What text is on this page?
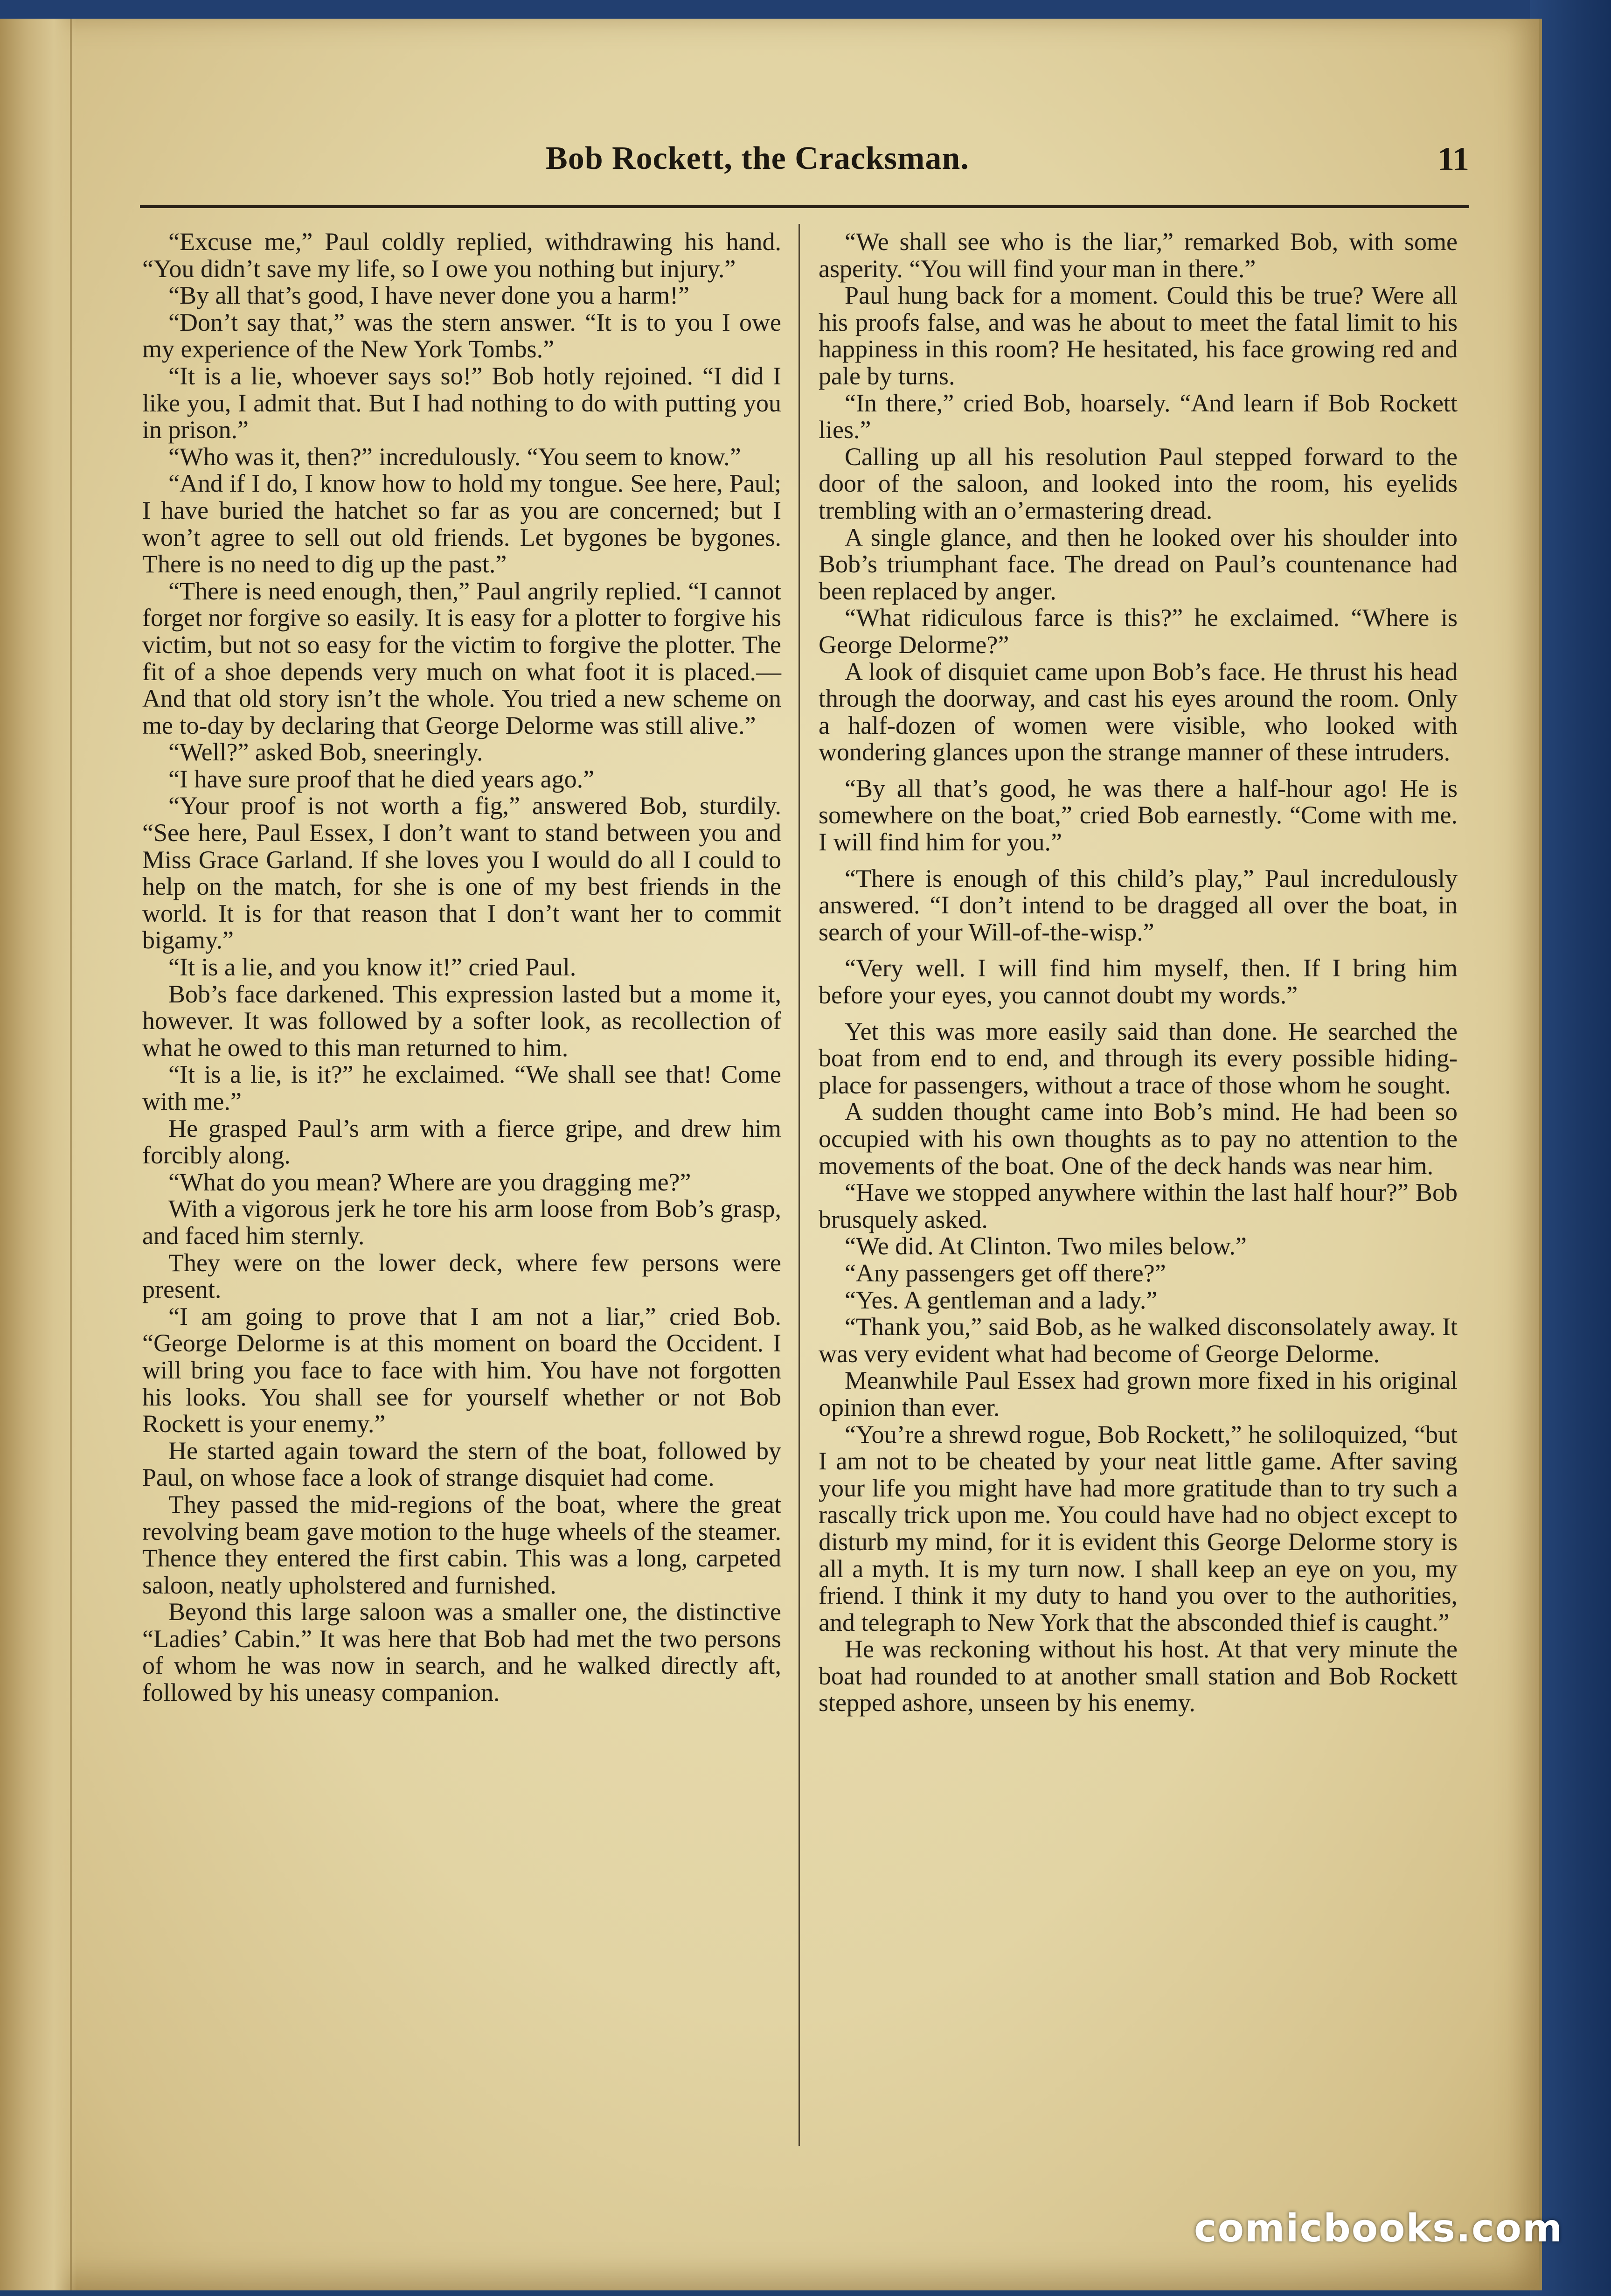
Bob Rockett, the Cracksman.	11

“Excuse me,” Paul coldly replied, withdrawing his hand. “You didn’t save my life, so I owe you nothing but injury.”

“By all that’s good, I have never done you a harm!”

“Don’t say that,” was the stern answer. “It is to you I owe my experience of the New York Tombs.”

“It is a lie, whoever says so!” Bob hotly rejoined. “I did I like you, I admit that. But I had nothing to do with putting you in prison.”

“Who was it, then?” incredulously. “You seem to know.”

“And if I do, I know how to hold my tongue. See here, Paul; I have buried the hatchet so far as you are concerned; but I won’t agree to sell out old friends. Let bygones be bygones. There is no need to dig up the past.”

“There is need enough, then,” Paul angrily replied. “I cannot forget nor forgive so easily. It is easy for a plotter to forgive his victim, but not so easy for the victim to forgive the plotter. The fit of a shoe depends very much on what foot it is placed.—And that old story isn’t the whole. You tried a new scheme on me to-day by declaring that George Delorme was still alive.”

“Well?” asked Bob, sneeringly.

“I have sure proof that he died years ago.”

“Your proof is not worth a fig,” answered Bob, sturdily. “See here, Paul Essex, I don’t want to stand between you and Miss Grace Garland. If she loves you I would do all I could to help on the match, for she is one of my best friends in the world. It is for that reason that I don’t want her to commit bigamy.”

“It is a lie, and you know it!” cried Paul.

Bob’s face darkened. This expression lasted but a mome it, however. It was followed by a softer look, as recollection of what he owed to this man returned to him.

“It is a lie, is it?” he exclaimed. “We shall see that! Come with me.”

He grasped Paul’s arm with a fierce gripe, and drew him forcibly along.

“What do you mean? Where are you dragging me?”

With a vigorous jerk he tore his arm loose from Bob’s grasp, and faced him sternly.

They were on the lower deck, where few persons were present.

“I am going to prove that I am not a liar,” cried Bob. “George Delorme is at this moment on board the Occident. I will bring you face to face with him. You have not forgotten his looks. You shall see for yourself whether or not Bob Rockett is your enemy.”

He started again toward the stern of the boat, followed by Paul, on whose face a look of strange disquiet had come.

They passed the mid-regions of the boat, where the great revolving beam gave motion to the huge wheels of the steamer. Thence they entered the first cabin. This was a long, carpeted saloon, neatly upholstered and furnished.

Beyond this large saloon was a smaller one, the distinctive “Ladies’ Cabin.” It was here that Bob had met the two persons of whom he was now in search, and he walked directly aft, followed by his uneasy companion.

“We shall see who is the liar,” remarked Bob, with some asperity. “You will find your man in there.”

Paul hung back for a moment. Could this be true? Were all his proofs false, and was he about to meet the fatal limit to his happiness in this room? He hesitated, his face growing red and pale by turns.

“In there,” cried Bob, hoarsely. “And learn if Bob Rockett lies.”

Calling up all his resolution Paul stepped forward to the door of the saloon, and looked into the room, his eyelids trembling with an o’ermastering dread.

A single glance, and then he looked over his shoulder into Bob’s triumphant face. The dread on Paul’s countenance had been replaced by anger.

“What ridiculous farce is this?” he exclaimed. “Where is George Delorme?”

A look of disquiet came upon Bob’s face. He thrust his head through the doorway, and cast his eyes around the room. Only a half-dozen of women were visible, who looked with wondering glances upon the strange manner of these intruders.

“By all that’s good, he was there a half-hour ago! He is somewhere on the boat,” cried Bob earnestly. “Come with me. I will find him for you.”

“There is enough of this child’s play,” Paul incredulously answered. “I don’t intend to be dragged all over the boat, in search of your Will-of-the-wisp.”

“Very well. I will find him myself, then. If I bring him before your eyes, you cannot doubt my words.”

Yet this was more easily said than done. He searched the boat from end to end, and through its every possible hiding-place for passengers, without a trace of those whom he sought.

A sudden thought came into Bob’s mind. He had been so occupied with his own thoughts as to pay no attention to the movements of the boat. One of the deck hands was near him.

“Have we stopped anywhere within the last half hour?” Bob brusquely asked.

“We did. At Clinton. Two miles below.”

“Any passengers get off there?”

“Yes. A gentleman and a lady.”

“Thank you,” said Bob, as he walked disconsolately away. It was very evident what had become of George Delorme.

Meanwhile Paul Essex had grown more fixed in his original opinion than ever.

“You’re a shrewd rogue, Bob Rockett,” he soliloquized, “but I am not to be cheated by your neat little game. After saving your life you might have had more gratitude than to try such a rascally trick upon me. You could have had no object except to disturb my mind, for it is evident this George Delorme story is all a myth. It is my turn now. I shall keep an eye on you, my friend. I think it my duty to hand you over to the authorities, and telegraph to New York that the absconded thief is caught.”

He was reckoning without his host. At that very minute the boat had rounded to at another small station and Bob Rockett stepped ashore, unseen by his enemy.

comicbooks.com
